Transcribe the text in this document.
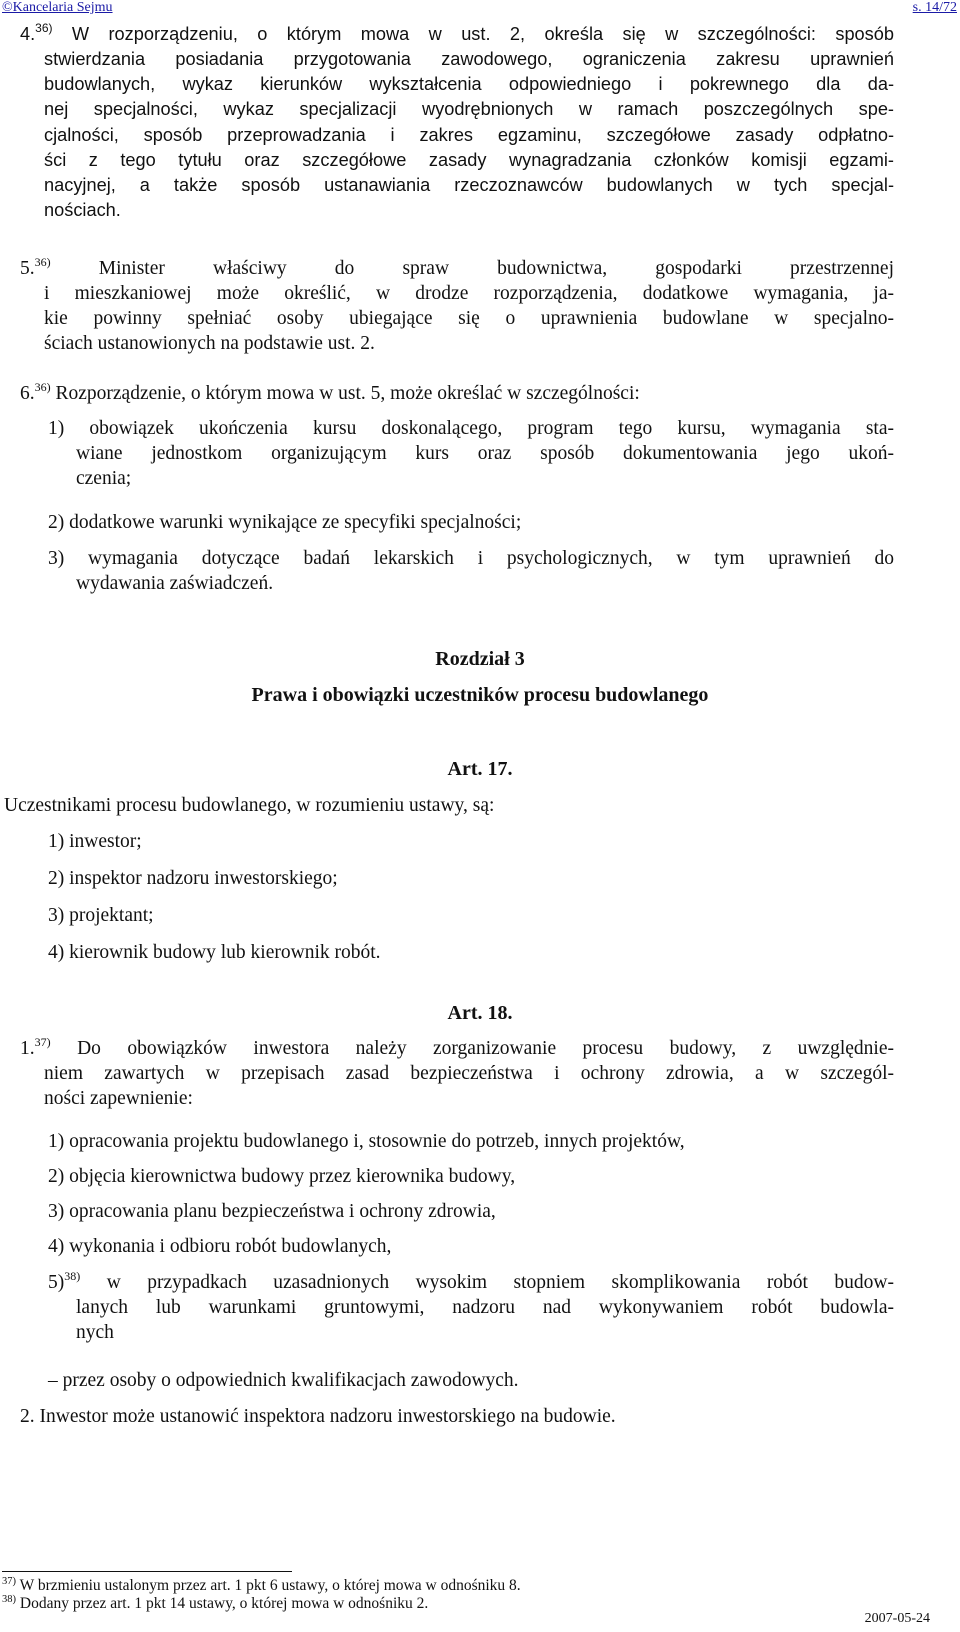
©Kancelaria Sejmu	s. 14/72
4.$^{36)}$ W rozporządzeniu, o którym mowa w ust. 2, określa się w szczególności: sposób
stwierdzania posiadania przygotowania zawodowego, ograniczenia zakresu uprawnień
budowlanych, wykaz kierunków wykształcenia odpowiedniego i pokrewnego dla da-
nej specjalności, wykaz specjalizacji wyodrębnionych w ramach poszczególnych spe-
cjalności, sposób przeprowadzania i zakres egzaminu, szczegółowe zasady odpłatno-
ści z tego tytułu oraz szczegółowe zasady wynagradzania członków komisji egzami-
nacyjnej, a także sposób ustanawiania rzeczoznawców budowlanych w tych specjal-
nościach.
5.$^{36)}$ Minister właściwy do spraw budownictwa, gospodarki przestrzennej
i mieszkaniowej może określić, w drodze rozporządzenia, dodatkowe wymagania, ja-
kie powinny spełniać osoby ubiegające się o uprawnienia budowlane w specjalno-
ściach ustanowionych na podstawie ust. 2.
6.$^{36)}$ Rozporządzenie, o którym mowa w ust. 5, może określać w szczególności:
1) obowiązek ukończenia kursu doskonalącego, program tego kursu, wymagania sta-
wiane jednostkom organizującym kurs oraz sposób dokumentowania jego ukoń-
czenia;
2) dodatkowe warunki wynikające ze specyfiki specjalności;
3) wymagania dotyczące badań lekarskich i psychologicznych, w tym uprawnień do
wydawania zaświadczeń.
Rozdział 3
Prawa i obowiązki uczestników procesu budowlanego
Art. 17.
Uczestnikami procesu budowlanego, w rozumieniu ustawy, są:
1) inwestor;
2) inspektor nadzoru inwestorskiego;
3) projektant;
4) kierownik budowy lub kierownik robót.
Art. 18.
1.$^{37)}$ Do obowiązków inwestora należy zorganizowanie procesu budowy, z uwzględnie-
niem zawartych w przepisach zasad bezpieczeństwa i ochrony zdrowia, a w szczegól-
ności zapewnienie:
1) opracowania projektu budowlanego i, stosownie do potrzeb, innych projektów,
2) objęcia kierownictwa budowy przez kierownika budowy,
3) opracowania planu bezpieczeństwa i ochrony zdrowia,
4) wykonania i odbioru robót budowlanych,
5)$^{38)}$ w przypadkach uzasadnionych wysokim stopniem skomplikowania robót budow-
lanych lub warunkami gruntowymi, nadzoru nad wykonywaniem robót budowla-
nych
– przez osoby o odpowiednich kwalifikacjach zawodowych.
2. Inwestor może ustanowić inspektora nadzoru inwestorskiego na budowie.
$^{37)}$ W brzmieniu ustalonym przez art. 1 pkt 6 ustawy, o której mowa w odnośniku 8.
$^{38)}$ Dodany przez art. 1 pkt 14 ustawy, o której mowa w odnośniku 2.
2007-05-24
